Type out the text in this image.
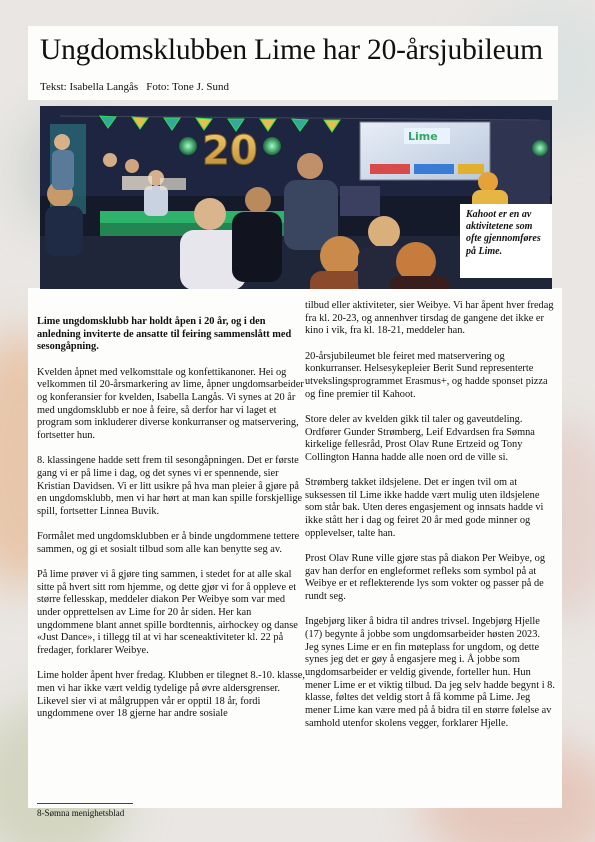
Ungdomsklubben Lime har 20-årsjubileum
Tekst: Isabella Langås Foto: Tone J. Sund
20	Lime
Kahoot er en av aktivitetene som ofte gjennomføres på Lime.

Lime ungdomsklubb har holdt åpen i 20 år, og i den anledning inviterte de ansatte til feiring sammenslått med sesongåpning.

Kvelden åpnet med velkomsttale og konfettikanoner. Hei og velkommen til 20-årsmarkering av lime, åpner ungdomsarbeider og konferansier for kvelden, Isabella Langås. Vi synes at 20 år med ungdomsklubb er noe å feire, så derfor har vi laget et program som inkluderer diverse konkurranser og matservering, fortsetter hun.

8. klassingene hadde sett frem til sesongåpningen. Det er første gang vi er på lime i dag, og det synes vi er spennende, sier Kristian Davidsen. Vi er litt usikre på hva man pleier å gjøre på en ungdomsklubb, men vi har hørt at man kan spille forskjellige spill, fortsetter Linnea Buvik.

Formålet med ungdomsklubben er å binde ungdommene tettere sammen, og gi et sosialt tilbud som alle kan benytte seg av.

På lime prøver vi å gjøre ting sammen, i stedet for at alle skal sitte på hvert sitt rom hjemme, og dette gjør vi for å oppleve et større fellesskap, meddeler diakon Per Weibye som var med under opprettelsen av Lime for 20 år siden. Her kan ungdommene blant annet spille bordtennis, airhockey og danse «Just Dance», i tillegg til at vi har sceneaktiviteter kl. 22 på fredager, forklarer Weibye.

Lime holder åpent hver fredag. Klubben er tilegnet 8.-10. klasse, men vi har ikke vært veldig tydelige på øvre aldersgrenser. Likevel sier vi at målgruppen vår er opptil 18 år, fordi ungdommene over 18 gjerne har andre sosiale

tilbud eller aktiviteter, sier Weibye. Vi har åpent hver fredag fra kl. 20-23, og annenhver tirsdag de gangene det ikke er kino i vik, fra kl. 18-21, meddeler han.

20-årsjubileumet ble feiret med matservering og konkurranser. Helsesykepleier Berit Sund representerte utvekslingsprogrammet Erasmus+, og hadde sponset pizza og fine premier til Kahoot.

Store deler av kvelden gikk til taler og gaveutdeling. Ordfører Gunder Strømberg, Leif Edvardsen fra Sømna kirkelige fellesråd, Prost Olav Rune Ertzeid og Tony Collington Hanna hadde alle noen ord de ville si.

Strømberg takket ildsjelene. Det er ingen tvil om at suksessen til Lime ikke hadde vært mulig uten ildsjelene som står bak. Uten deres engasjement og innsats hadde vi ikke stått her i dag og feiret 20 år med gode minner og opplevelser, talte han.

Prost Olav Rune ville gjøre stas på diakon Per Weibye, og gav han derfor en engleformet refleks som symbol på at Weibye er et reflekterende lys som vokter og passer på de rundt seg.

Ingebjørg liker å bidra til andres trivsel. Ingebjørg Hjelle (17) begynte å jobbe som ungdomsarbeider høsten 2023. Jeg synes Lime er en fin møteplass for ungdom, og dette synes jeg det er gøy å engasjere meg i. Å jobbe som ungdomsarbeider er veldig givende, forteller hun. Hun mener Lime er et viktig tilbud. Da jeg selv hadde begynt i 8. klasse, føltes det veldig stort å få komme på Lime. Jeg mener Lime kan være med på å bidra til en større følelse av samhold utenfor skolens vegger, forklarer Hjelle.

8-Sømna menighetsblad
